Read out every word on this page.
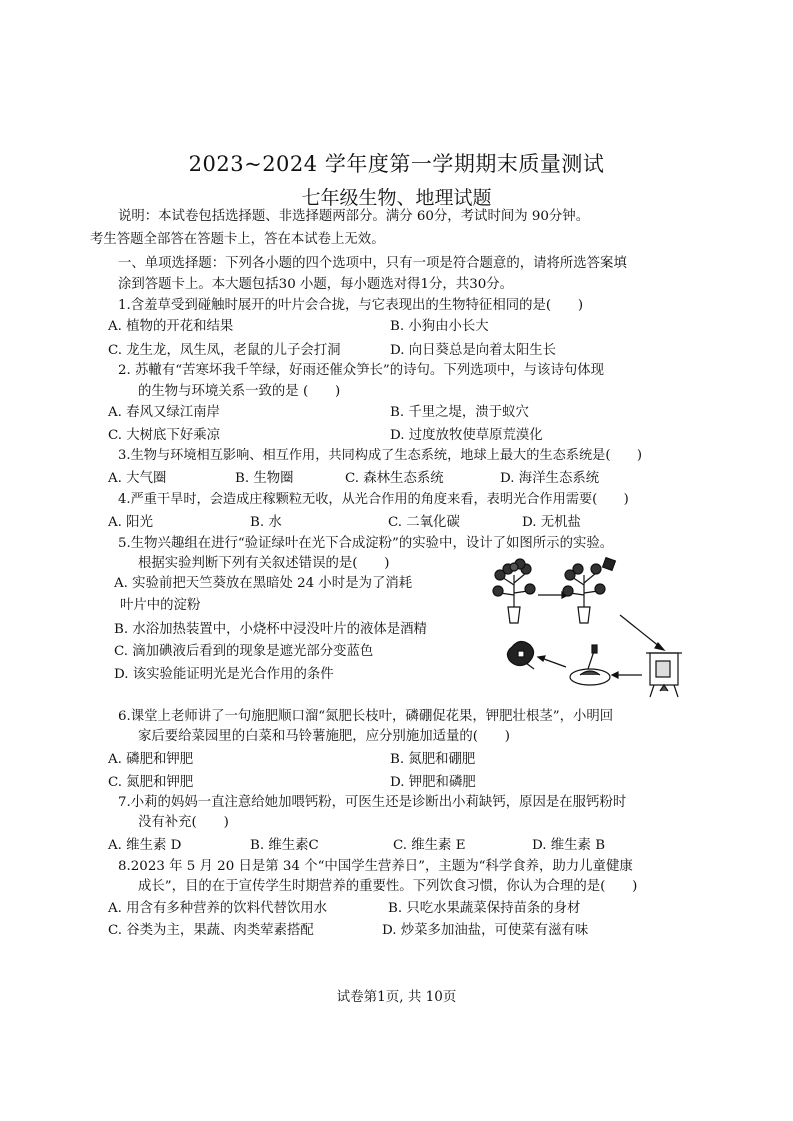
2023~2024 学年度第一学期期末质量测试
七年级生物、地理试题
说明：本试卷包括选择题、非选择题两部分。满分 60分，考试时间为 90分钟。
考生答题全部答在答题卡上，答在本试卷上无效。
一、单项选择题：下列各小题的四个选项中，只有一项是符合题意的，请将所选答案填
涂到答题卡上。本大题包括30 小题，每小题选对得1分，共30分。
1.含羞草受到碰触时展开的叶片会合拢，与它表现出的生物特征相同的是(　　)
A. 植物的开花和结果	B. 小狗由小长大
C. 龙生龙，凤生凤，老鼠的儿子会打洞	D. 向日葵总是向着太阳生长
2. 苏轍有“苦寒坏我千竿绿，好雨还催众笋长”的诗句。下列选项中，与该诗句体现
的生物与环境关系一致的是 (　　)
A. 春风又绿江南岸	B. 千里之堤，溃于蚁穴
C. 大树底下好乘凉	D. 过度放牧使草原荒漠化
3.生物与环境相互影响、相互作用，共同构成了生态系统，地球上最大的生态系统是(　　)
A. 大气圈	B. 生物圈	C. 森林生态系统	D. 海洋生态系统
4.严重干旱时，会造成庄稼颗粒无收，从光合作用的角度来看，表明光合作用需要(　　)
A. 阳光	B. 水	C. 二氧化碳	D. 无机盐
5.生物兴趣组在进行“验证绿叶在光下合成淀粉”的实验中，设计了如图所示的实验。
根据实验判断下列有关叙述错误的是(　　)
A. 实验前把天竺葵放在黑暗处 24 小时是为了消耗
叶片中的淀粉
B. 水浴加热装置中，小烧杯中浸没叶片的液体是酒精
C. 滴加碘液后看到的现象是遮光部分变蓝色
D. 该实验能证明光是光合作用的条件
6.课堂上老师讲了一句施肥顺口溜“氮肥长枝叶，磷硼促花果，钾肥壮根茎”，小明回
家后要给菜园里的白菜和马铃薯施肥，应分别施加适量的(　　)
A. 磷肥和钾肥	B. 氮肥和硼肥
C. 氮肥和钾肥	D. 钾肥和磷肥
7.小莉的妈妈一直注意给她加喂钙粉，可医生还是诊断出小莉缺钙，原因是在服钙粉时
没有补充(　　)
A. 维生素 D	B. 维生素C	C. 维生素 E	D. 维生素 B
8.2023 年 5 月 20 日是第 34 个“中国学生营养日”，主题为“科学食养，助力儿童健康
成长”，目的在于宣传学生时期营养的重要性。下列饮食习惯，你认为合理的是(　　)
A. 用含有多种营养的饮料代替饮用水	B. 只吃水果蔬菜保持苗条的身材
C. 谷类为主，果蔬、肉类荤素搭配	D. 炒菜多加油盐，可使菜有滋有味
试卷第1页, 共 10页
